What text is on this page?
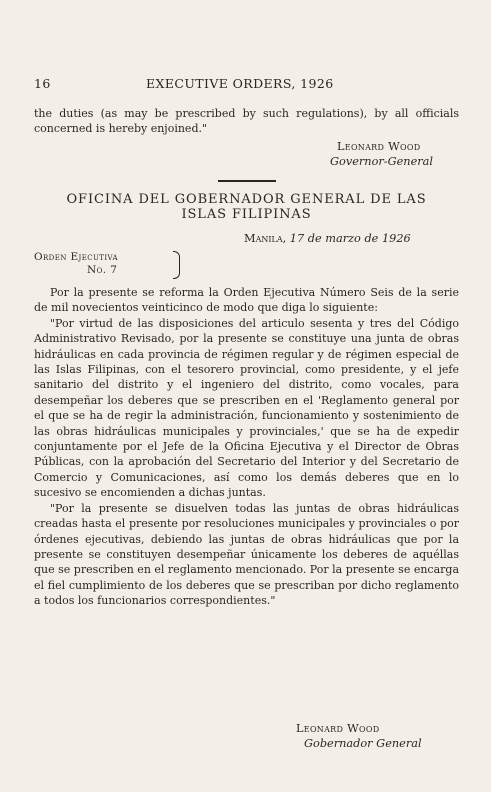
16	EXECUTIVE ORDERS, 1926

the duties (as may be prescribed by such regulations), by all officials concerned is hereby enjoined."

Leonard Wood
Governor-General
OFICINA DEL GOBERNADOR GENERAL DE LAS
ISLAS FILIPINAS
Manila, 17 de marzo de 1926
Orden Ejecutiva
No. 7

Por la presente se reforma la Orden Ejecutiva Número Seis de la serie de mil novecientos veinticinco de modo que diga lo siguiente:

"Por virtud de las disposiciones del articulo sesenta y tres del Código Administrativo Revisado, por la presente se constituye una junta de obras hidráulicas en cada provincia de régimen regular y de régimen especial de las Islas Filipinas, con el tesorero provincial, como presidente, y el jefe sanitario del distrito y el ingeniero del distrito, como vocales, para desempeñar los deberes que se prescriben en el 'Reglamento general por el que se ha de regir la administración, funcionamiento y sostenimiento de las obras hidráulicas municipales y provinciales,' que se ha de expedir conjuntamente por el Jefe de la Oficina Ejecutiva y el Director de Obras Públicas, con la aprobación del Secretario del Interior y del Secretario de Comercio y Comunicaciones, así como los demás deberes que en lo sucesivo se encomienden a dichas juntas.

"Por la presente se disuelven todas las juntas de obras hidráulicas creadas hasta el presente por resoluciones municipales y provinciales o por órdenes ejecutivas, debiendo las juntas de obras hidráulicas que por la presente se constituyen desempeñar únicamente los deberes de aquéllas que se prescriben en el reglamento mencionado. Por la presente se encarga el fiel cumplimiento de los deberes que se prescriban por dicho reglamento a todos los funcionarios correspondientes."

Leonard Wood
Gobernador General
